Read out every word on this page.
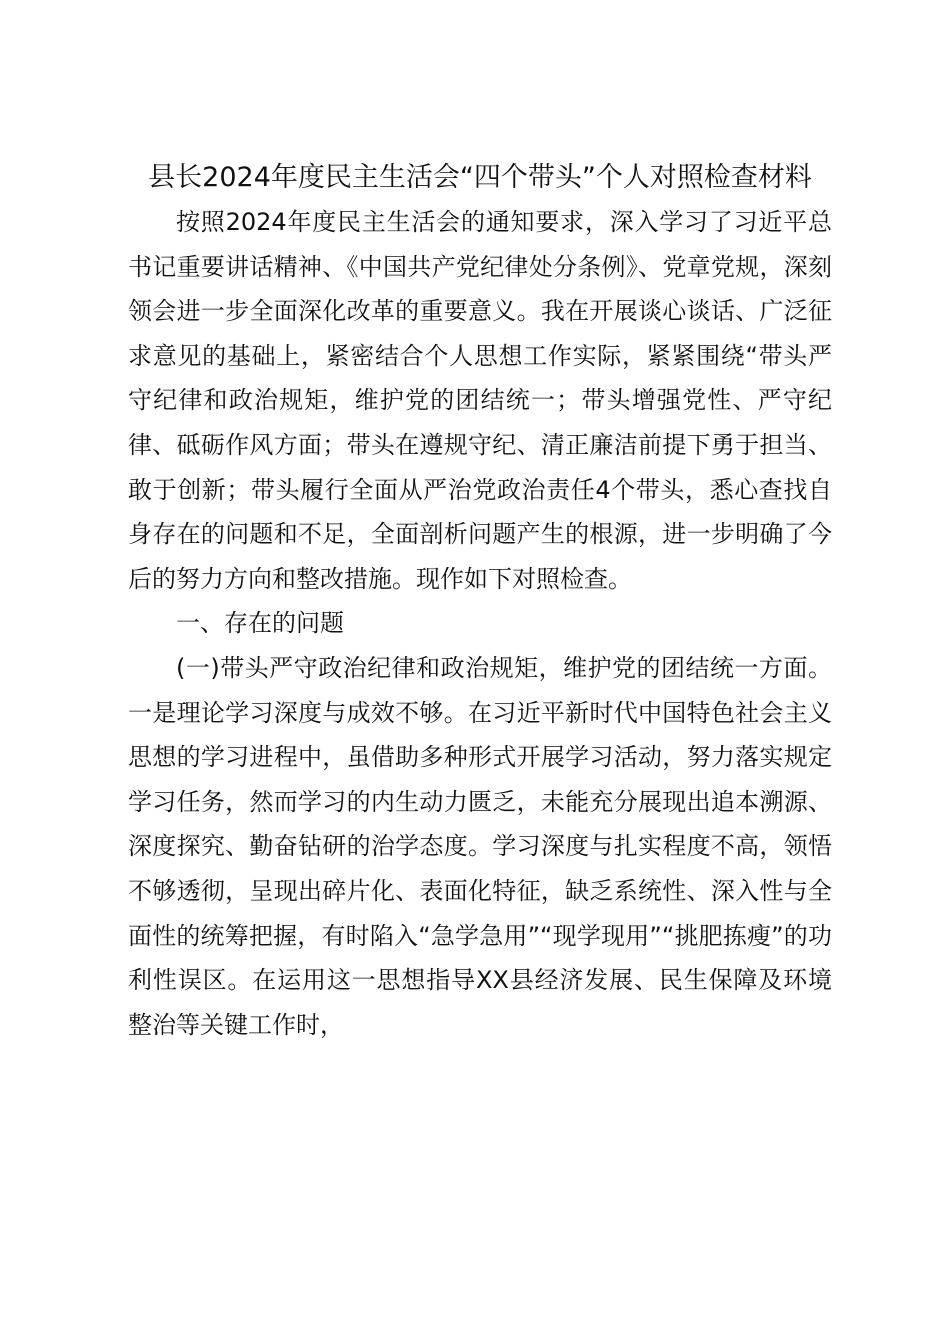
县长2024年度民主生活会“四个带头”个人对照检查材料

按照2024年度民主生活会的通知要求，深入学习了习近平总书记重要讲话精神、《中国共产党纪律处分条例》、党章党规，深刻领会进一步全面深化改革的重要意义。我在开展谈心谈话、广泛征求意见的基础上，紧密结合个人思想工作实际，紧紧围绕“带头严守纪律和政治规矩，维护党的团结统一；带头增强党性、严守纪律、砥砺作风方面；带头在遵规守纪、清正廉洁前提下勇于担当、敢于创新；带头履行全面从严治党政治责任4个带头，悉心查找自身存在的问题和不足，全面剖析问题产生的根源，进一步明确了今后的努力方向和整改措施。现作如下对照检查。

一、存在的问题

(一)带头严守政治纪律和政治规矩，维护党的团结统一方面。一是理论学习深度与成效不够。在习近平新时代中国特色社会主义思想的学习进程中，虽借助多种形式开展学习活动，努力落实规定学习任务，然而学习的内生动力匮乏，未能充分展现出追本溯源、深度探究、勤奋钻研的治学态度。学习深度与扎实程度不高，领悟不够透彻，呈现出碎片化、表面化特征，缺乏系统性、深入性与全面性的统筹把握，有时陷入“急学急用”“现学现用”“挑肥拣瘦”的功利性误区。在运用这一思想指导XX县经济发展、民生保障及环境整治等关键工作时，
